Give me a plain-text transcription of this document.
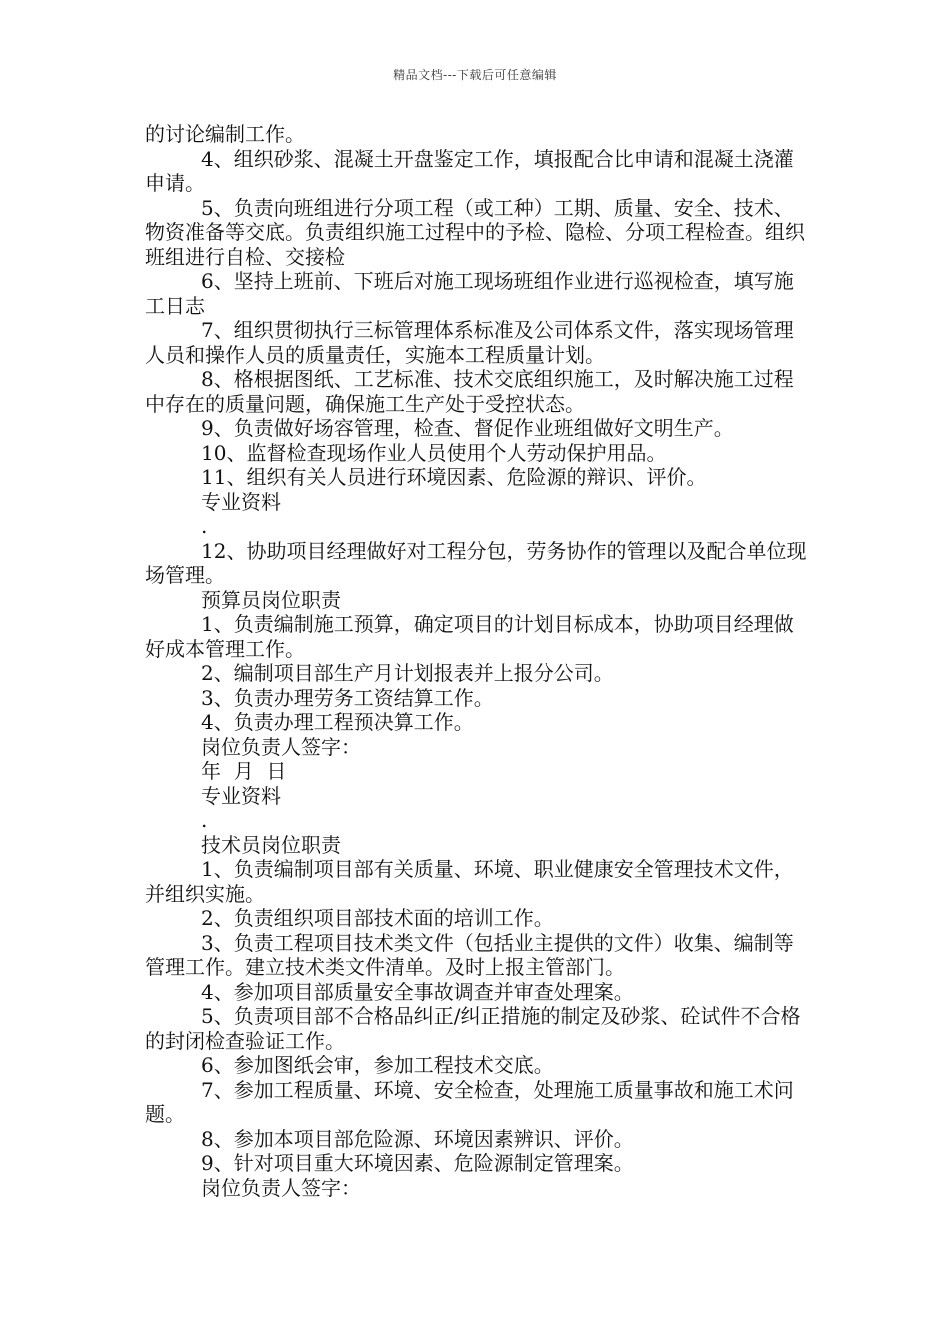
精品文档---下载后可任意编辑

的讨论编制工作。

4、组织砂浆、混凝土开盘鉴定工作，填报配合比申请和混凝土浇灌申请。

5、负责向班组进行分项工程（或工种）工期、质量、安全、技术、物资准备等交底。负责组织施工过程中的予检、隐检、分项工程检查。组织班组进行自检、交接检

6、坚持上班前、下班后对施工现场班组作业进行巡视检查，填写施工日志

7、组织贯彻执行三标管理体系标准及公司体系文件，落实现场管理人员和操作人员的质量责任，实施本工程质量计划。

8、格根据图纸、工艺标准、技术交底组织施工，及时解决施工过程中存在的质量问题，确保施工生产处于受控状态。

9、负责做好场容管理，检查、督促作业班组做好文明生产。

10、监督检查现场作业人员使用个人劳动保护用品。

11、组织有关人员进行环境因素、危险源的辩识、评价。

专业资料

.

12、协助项目经理做好对工程分包，劳务协作的管理以及配合单位现场管理。

预算员岗位职责

1、负责编制施工预算，确定项目的计划目标成本，协助项目经理做好成本管理工作。

2、编制项目部生产月计划报表并上报分公司。

3、负责办理劳务工资结算工作。

4、负责办理工程预决算工作。

岗位负责人签字：

年  月  日

专业资料

.

技术员岗位职责

1、负责编制项目部有关质量、环境、职业健康安全管理技术文件，并组织实施。

2、负责组织项目部技术面的培训工作。

3、负责工程项目技术类文件（包括业主提供的文件）收集、编制等管理工作。建立技术类文件清单。及时上报主管部门。

4、参加项目部质量安全事故调查并审查处理案。

5、负责项目部不合格品纠正/纠正措施的制定及砂浆、砼试件不合格的封闭检查验证工作。

6、参加图纸会审，参加工程技术交底。

7、参加工程质量、环境、安全检查，处理施工质量事故和施工术问题。

8、参加本项目部危险源、环境因素辨识、评价。

9、针对项目重大环境因素、危险源制定管理案。

岗位负责人签字：
